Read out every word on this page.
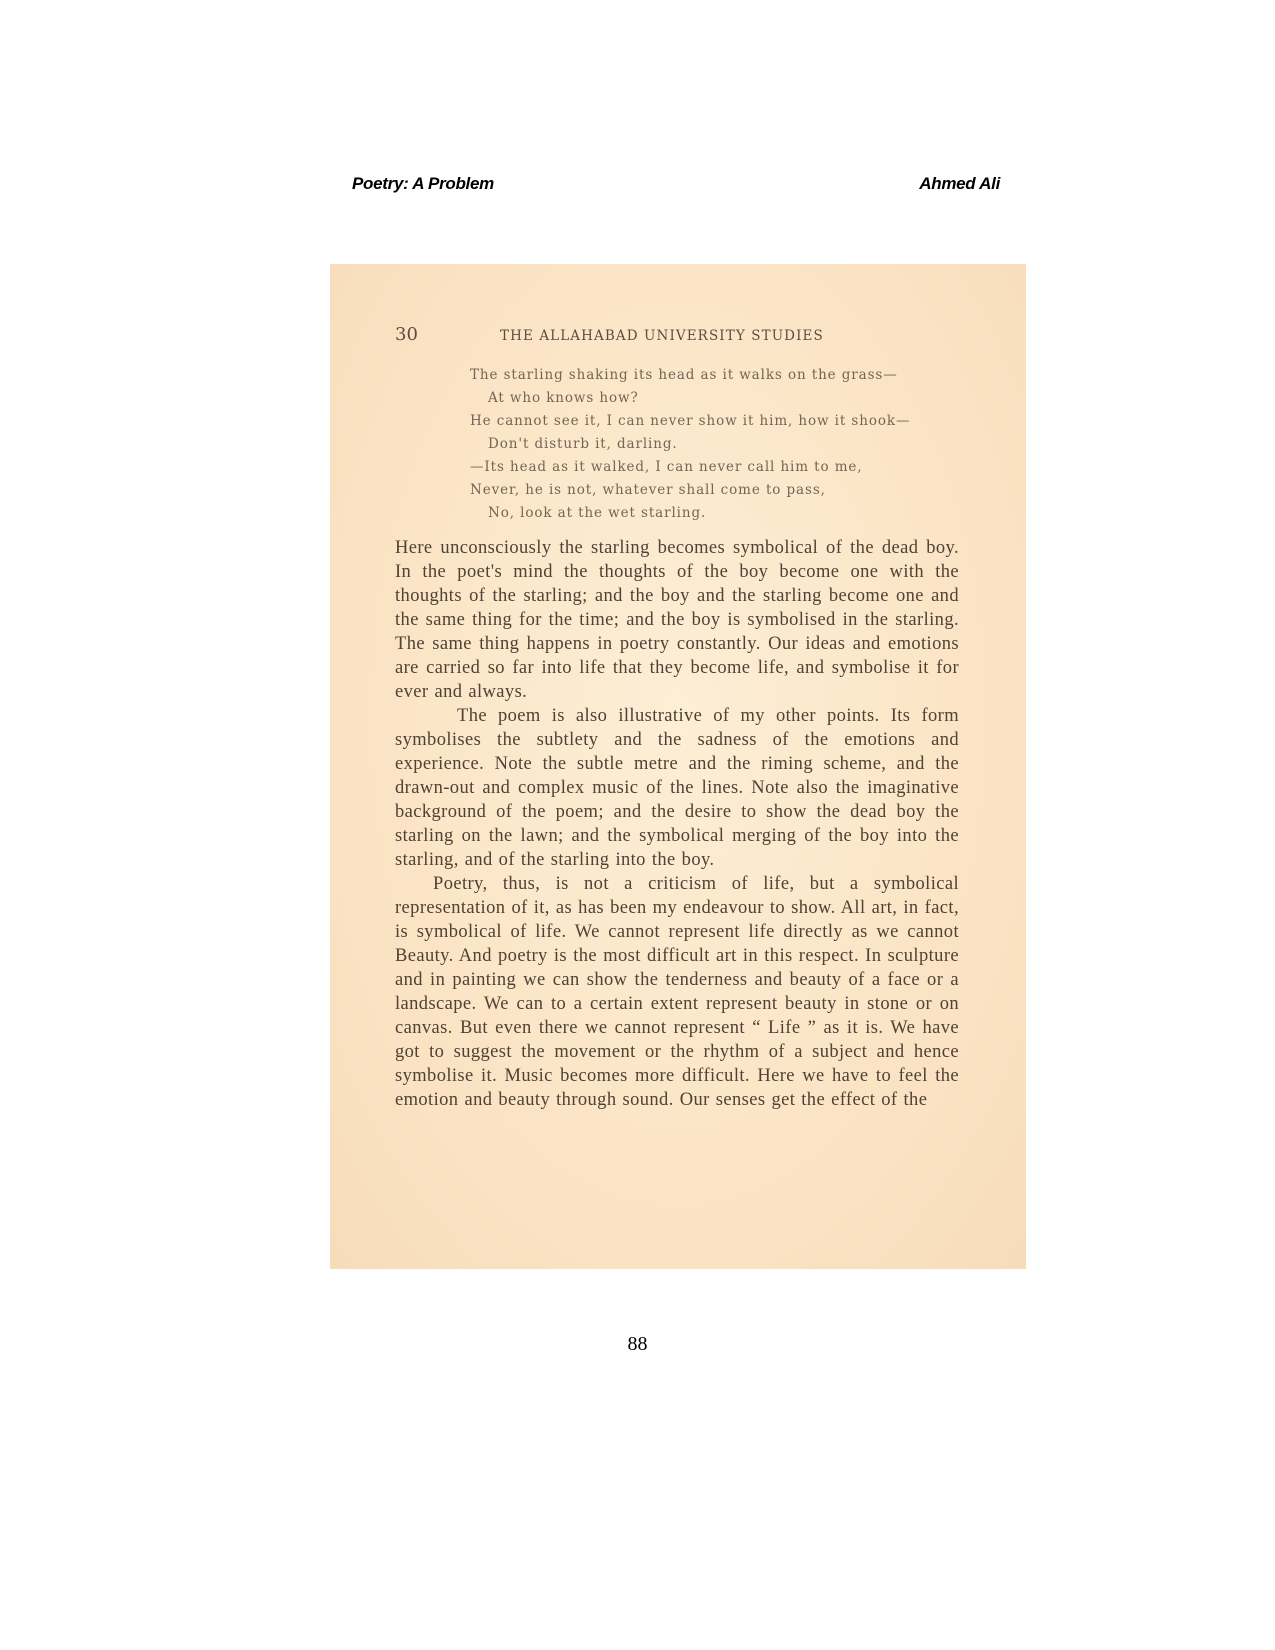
Poetry: A Problem	Ahmed Ali
30	THE ALLAHABAD UNIVERSITY STUDIES
The starling shaking its head as it walks on the grass—
At who knows how?
He cannot see it, I can never show it him, how it shook—
Don't disturb it, darling.
—Its head as it walked, I can never call him to me,
Never, he is not, whatever shall come to pass,
No, look at the wet starling.

Here unconsciously the starling becomes symbolical of the dead boy. In the poet's mind the thoughts of the boy become one with the thoughts of the starling; and the boy and the starling become one and the same thing for the time; and the boy is symbolised in the starling. The same thing happens in poetry constantly. Our ideas and emotions are carried so far into life that they become life, and symbolise it for ever and always.

The poem is also illustrative of my other points. Its form symbolises the subtlety and the sadness of the emotions and experience. Note the subtle metre and the riming scheme, and the drawn-out and complex music of the lines. Note also the imaginative background of the poem; and the desire to show the dead boy the starling on the lawn; and the symbolical merging of the boy into the starling, and of the starling into the boy.

Poetry, thus, is not a criticism of life, but a symbolical representation of it, as has been my endeavour to show. All art, in fact, is symbolical of life. We cannot represent life directly as we cannot Beauty. And poetry is the most difficult art in this respect. In sculpture and in painting we can show the tenderness and beauty of a face or a landscape. We can to a certain extent represent beauty in stone or on canvas. But even there we cannot represent “ Life ” as it is. We have got to suggest the movement or the rhythm of a subject and hence symbolise it. Music becomes more difficult. Here we have to feel the emotion and beauty through sound. Our senses get the effect of the

88
